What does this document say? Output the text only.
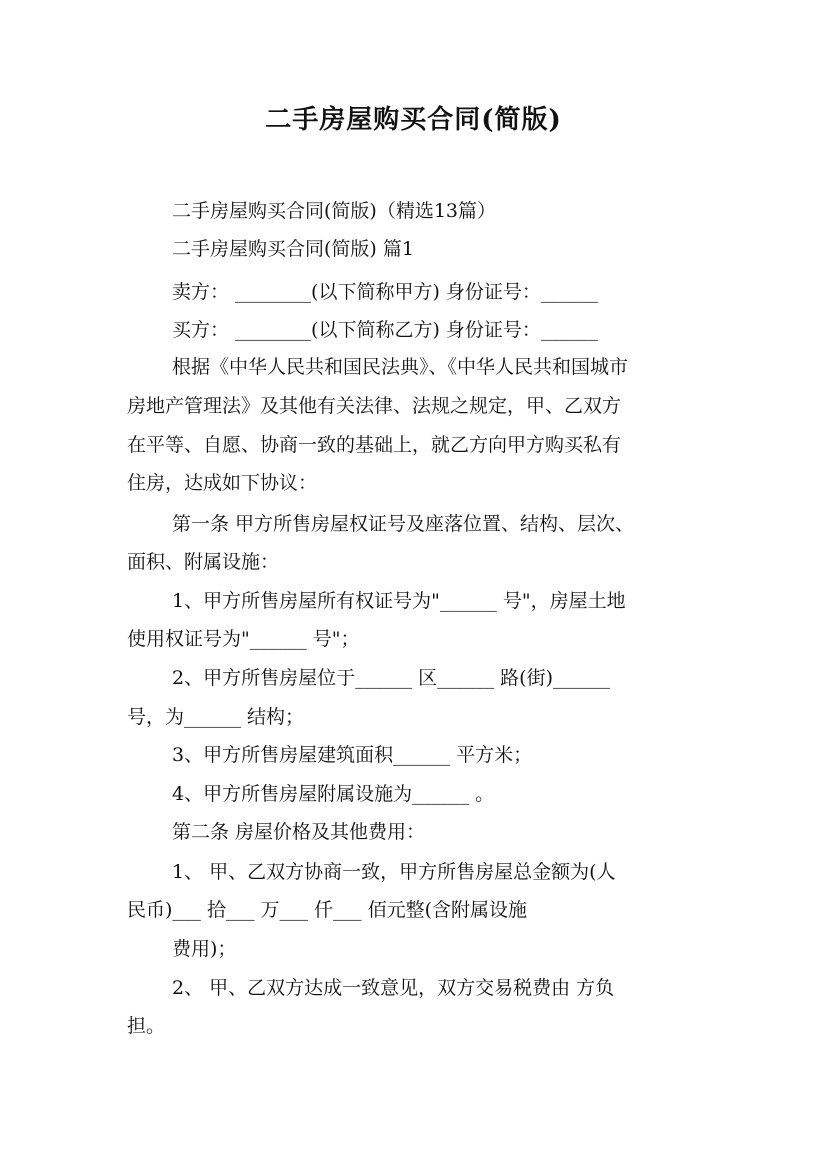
二手房屋购买合同(简版)
二手房屋购买合同(简版)（精选13篇）
二手房屋购买合同(简版) 篇1
卖方： ________(以下简称甲方) 身份证号：______
买方： ________(以下简称乙方) 身份证号：______
根据《中华人民共和国民法典》、《中华人民共和国城市
房地产管理法》及其他有关法律、法规之规定，甲、乙双方
在平等、自愿、协商一致的基础上，就乙方向甲方购买私有
住房，达成如下协议：
第一条 甲方所售房屋权证号及座落位置、结构、层次、
面积、附属设施：
1、甲方所售房屋所有权证号为"______ 号"，房屋土地
使用权证号为"______ 号"；
2、甲方所售房屋位于______ 区______ 路(街)______
号，为______ 结构；
3、甲方所售房屋建筑面积______ 平方米；
4、甲方所售房屋附属设施为______ 。
第二条 房屋价格及其他费用：
1、 甲、乙双方协商一致，甲方所售房屋总金额为(人
民币)___ 拾___ 万___ 仟___ 佰元整(含附属设施
费用)；
2、 甲、乙双方达成一致意见，双方交易税费由 方负
担。
